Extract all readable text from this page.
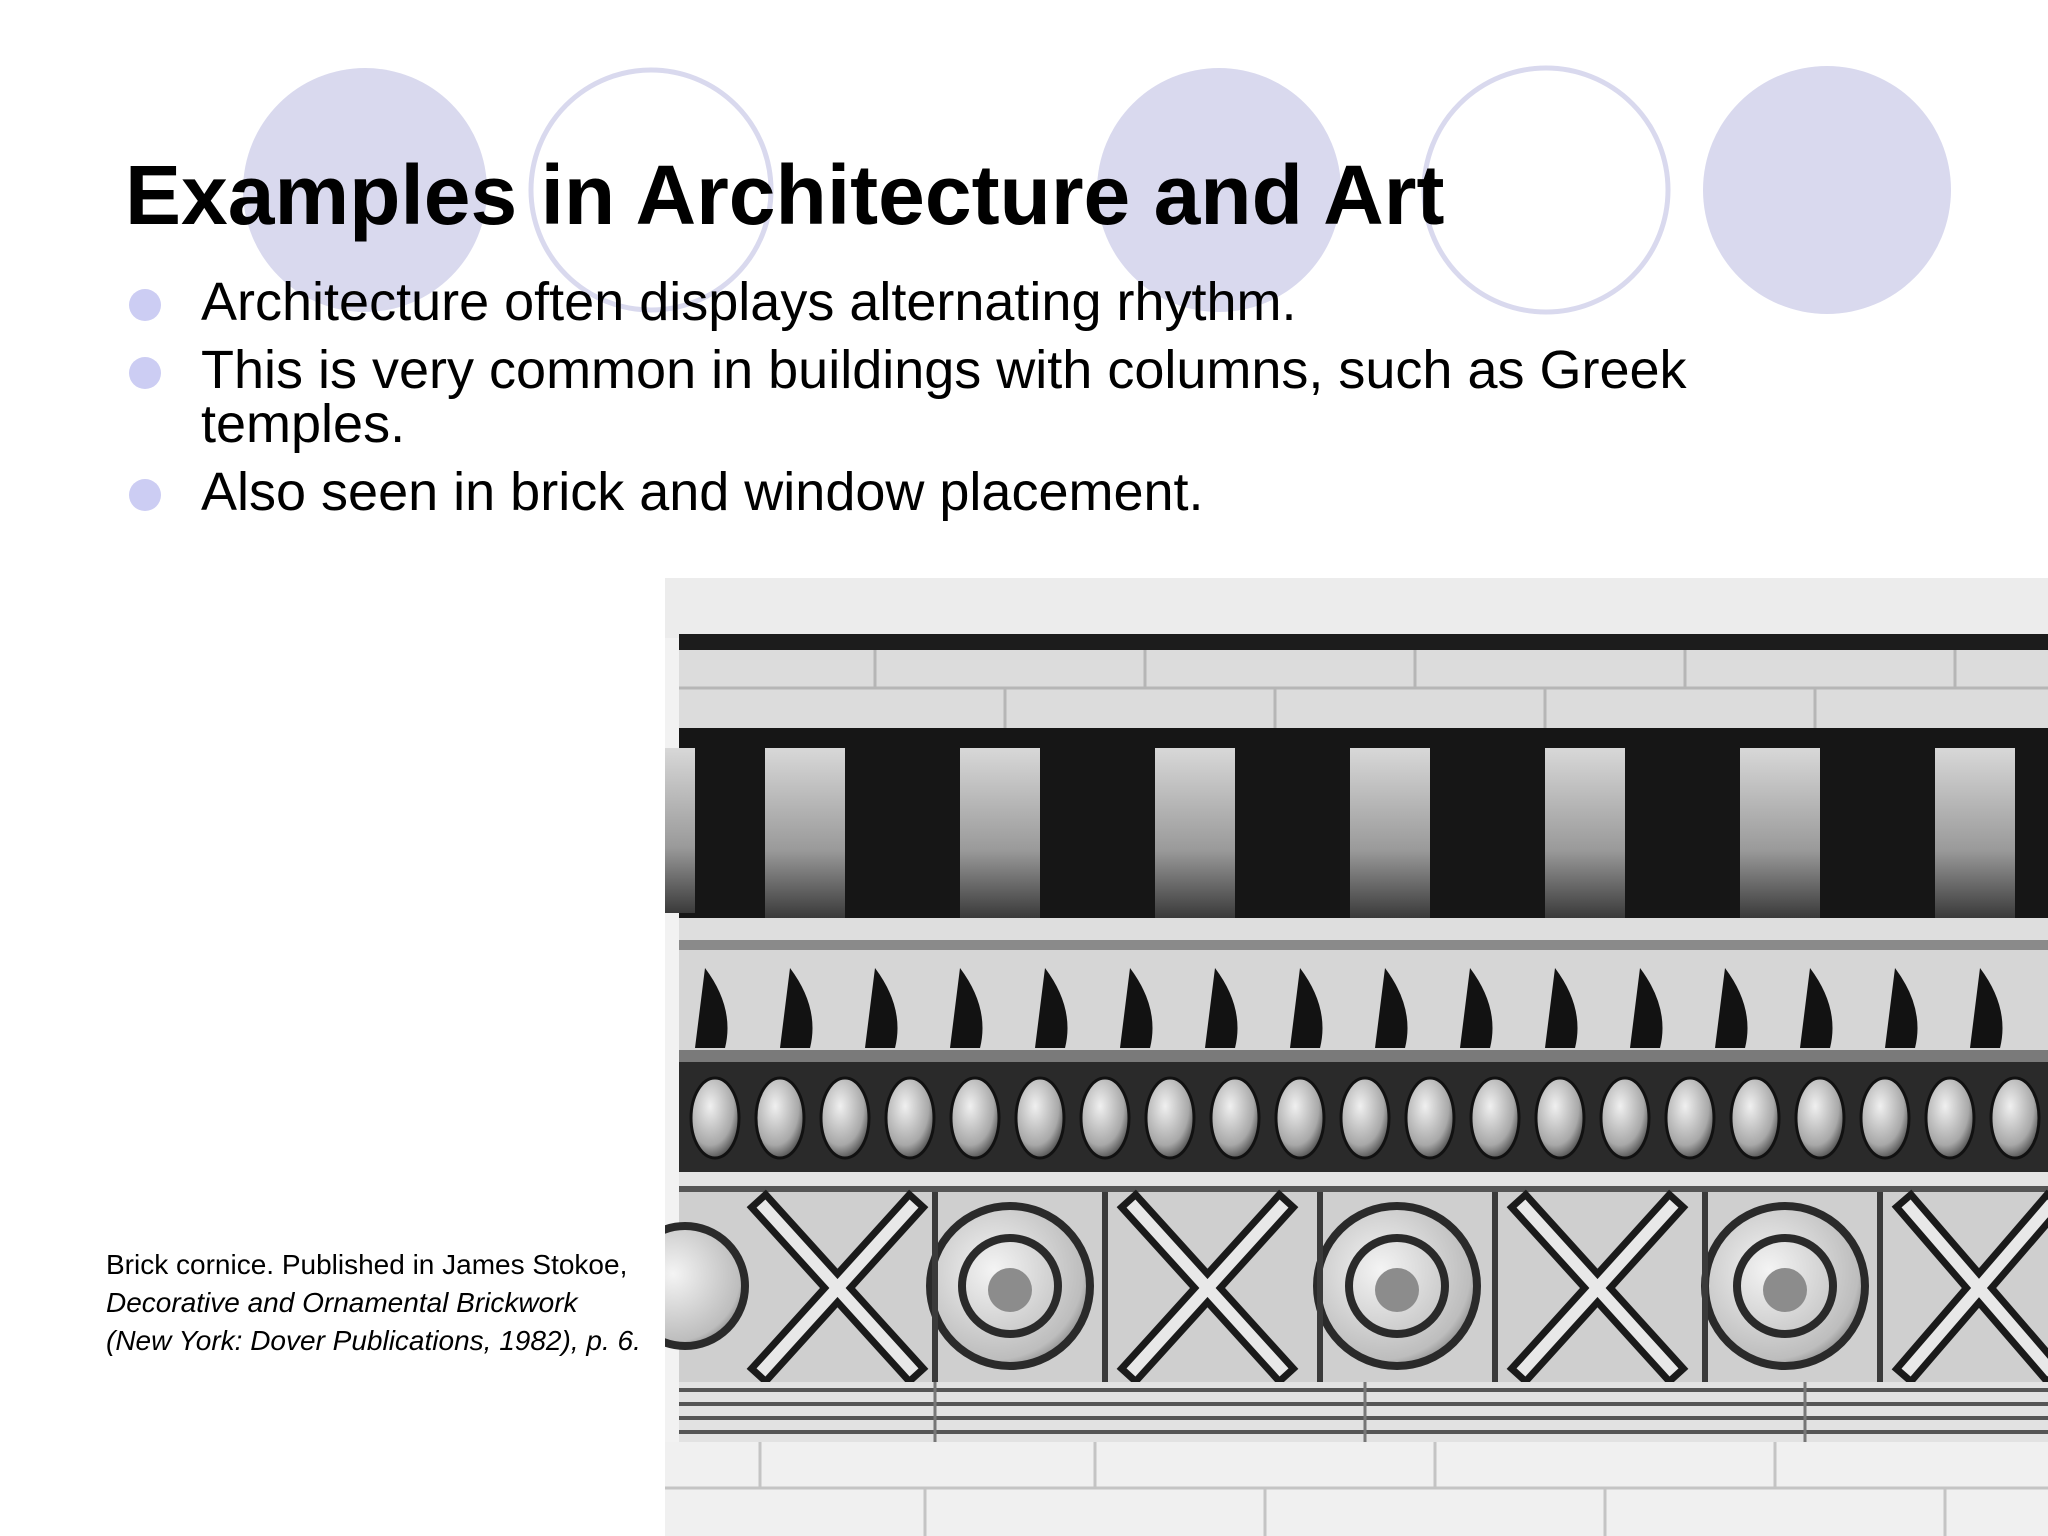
Examples in Architecture and Art
Architecture often displays alternating rhythm.
This is very common in buildings with columns, such as Greek temples.
Also seen in brick and window placement.
Brick cornice. Published in James Stokoe, Decorative and Ornamental Brickwork (New York: Dover Publications, 1982), p. 6.
